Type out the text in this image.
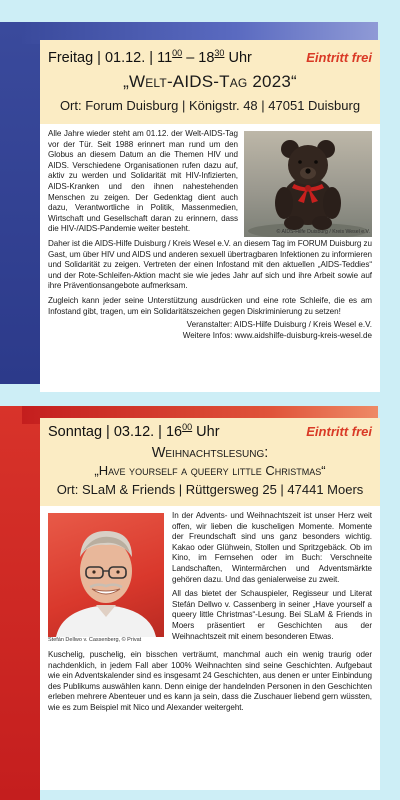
Freitag | 01.12. | $11^{00} - 18^{30}$ Uhr	Eintritt frei
„Welt-AIDS-Tag 2023“
Ort: Forum Duisburg | Königstr. 48 | 47051 Duisburg
© AIDS-Hilfe Duisburg / Kreis Wesel e.V.

Alle Jahre wieder steht am 01.12. der Welt-AIDS-Tag vor der Tür. Seit 1988 erinnert man rund um den Globus an diesem Datum an die Themen HIV und AIDS. Verschiedene Organisationen rufen dazu auf, aktiv zu werden und Solidarität mit HIV-Infizierten, AIDS-Kranken und den ihnen nahestehenden Menschen zu zeigen. Der Gedenktag dient auch dazu, Verantwortliche in Politik, Massenmedien, Wirtschaft und Gesellschaft daran zu erinnern, dass die HIV-/AIDS-Pandemie weiter besteht.

Daher ist die AIDS-Hilfe Duisburg / Kreis Wesel e.V. an diesem Tag im FORUM Duisburg zu Gast, um über HIV und AIDS und anderen sexuell übertragbaren Infektionen zu informieren und Solidarität zu zeigen. Vertreten der einen Infostand mit den aktuellen „AIDS-Teddies“ und der Rote-Schleifen-Aktion macht sie wie jedes Jahr auf sich und ihre Arbeit sowie auf ihre Präventionsangebote aufmerksam.

Zugleich kann jeder seine Unterstützung ausdrücken und eine rote Schleife, die es am Infostand gibt, tragen, um ein Solidaritätszeichen gegen Diskriminierung zu setzen!

Veranstalter: AIDS-Hilfe Duisburg / Kreis Wesel e.V.
Weitere Infos: www.aidshilfe-duisburg-kreis-wesel.de
Sonntag | 03.12. | $16^{00}$ Uhr	Eintritt frei
Weihnachtslesung:
„Have yourself a queery little Christmas“
Ort: SLaM & Friends | Rüttgersweg 25 | 47441 Moers
Stefán Dellwo v. Cassenberg, © Privat

In der Advents- und Weihnachtszeit ist unser Herz weit offen, wir lieben die kuscheligen Momente. Momente der Freundschaft sind uns ganz besonders wichtig. Kakao oder Glühwein, Stollen und Spritzgebäck. Ob im Kino, im Fernsehen oder im Buch: Verschneite Landschaften, Wintermärchen und Adventsmärkte gehören dazu. Und das genialerweise zu zweit.

All das bietet der Schauspieler, Regisseur und Literat Stefán Dellwo v. Cassenberg in seiner „Have yourself a queery little Christmas“-Lesung. Bei SLaM & Friends in Moers präsentiert er Geschichten aus der Weihnachtszeit mit einem besonderen Etwas.

Kuschelig, puschelig, ein bisschen verträumt, manchmal auch ein wenig traurig oder nachdenklich, in jedem Fall aber 100% Weihnachten sind seine Geschichten. Aufgebaut wie ein Adventskalender sind es insgesamt 24 Geschichten, aus denen er unter Einbindung des Publikums auswählen kann. Denn einige der handelnden Personen in den Geschichten erleben mehrere Abenteuer und es kann ja sein, dass die Zuschauer liebend gern wüssten, wie es zum Beispiel mit Nico und Alexander weitergeht.
